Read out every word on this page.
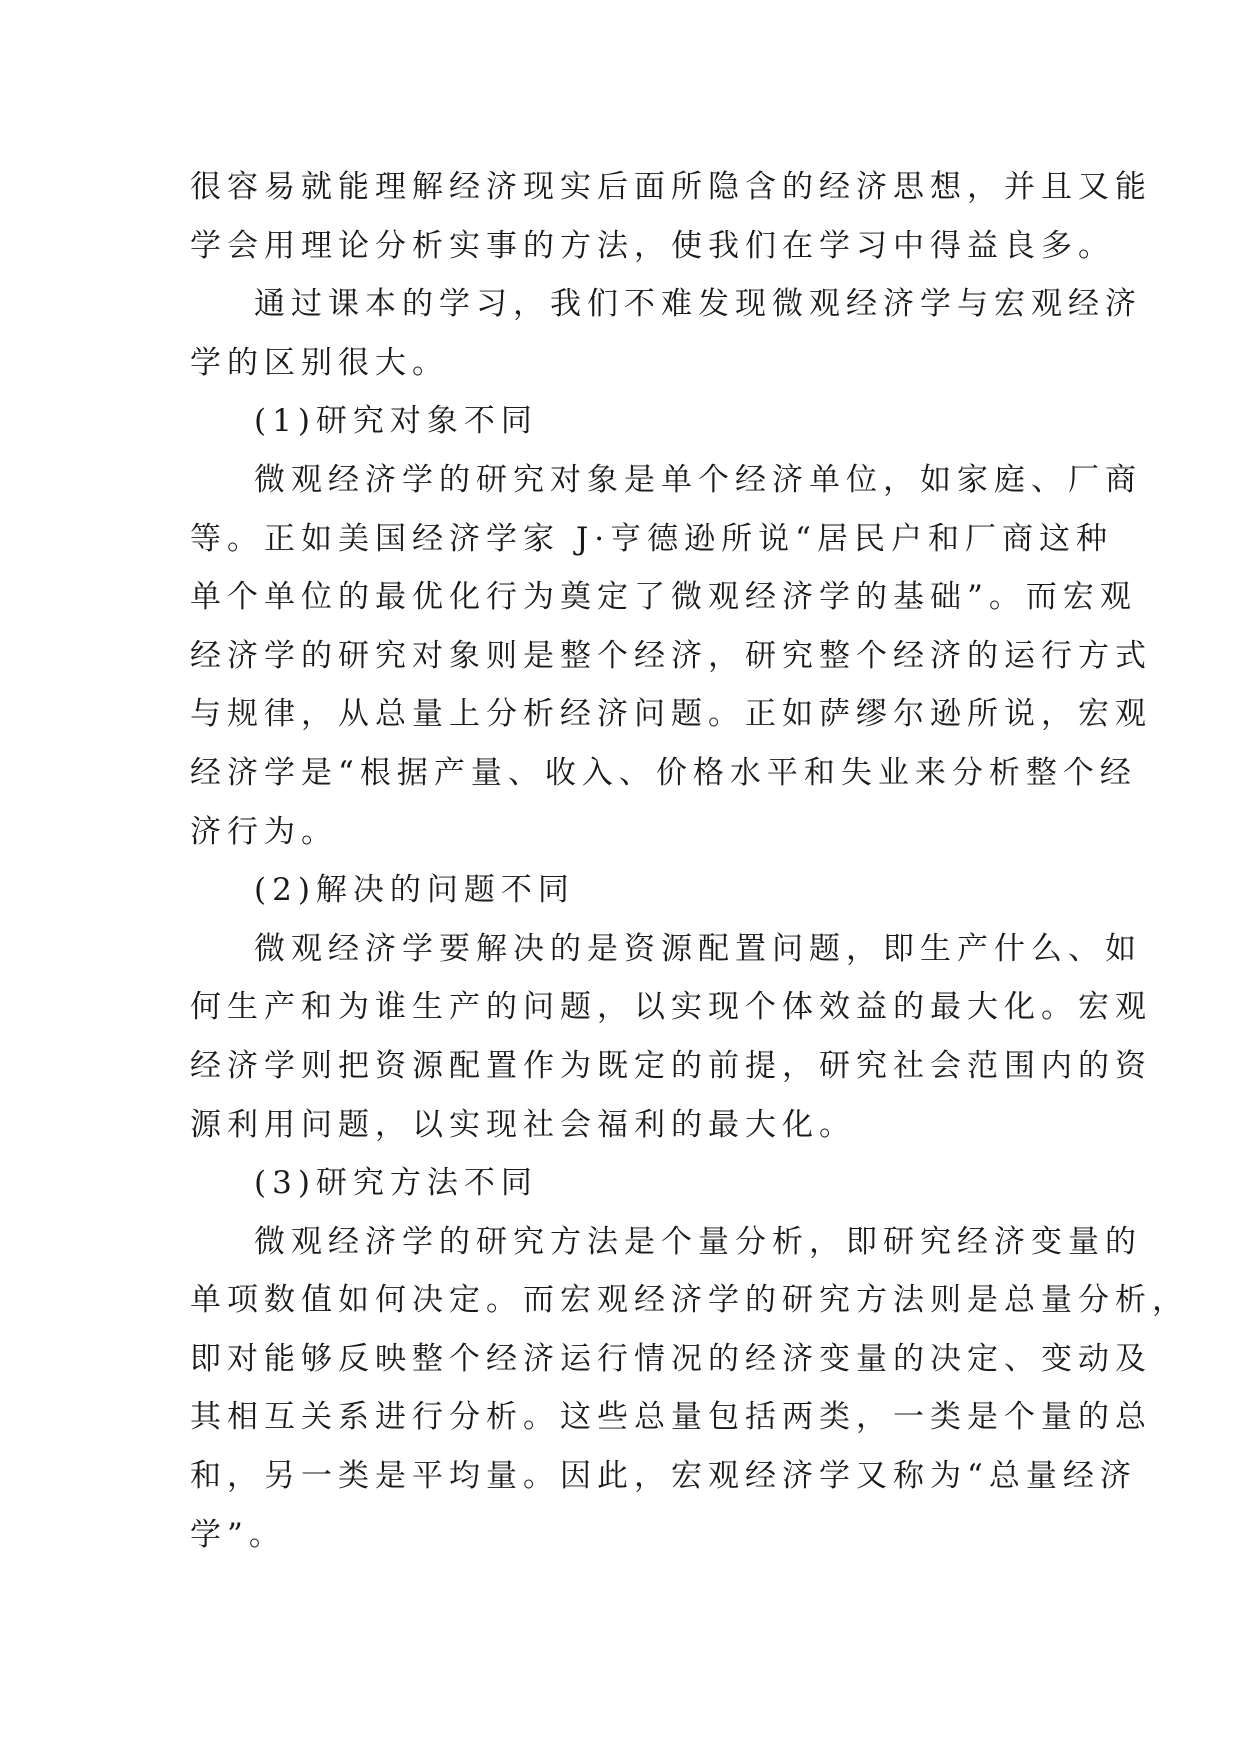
很容易就能理解经济现实后面所隐含的经济思想，并且又能
学会用理论分析实事的方法，使我们在学习中得益良多。
通过课本的学习，我们不难发现微观经济学与宏观经济
学的区别很大。
(1)研究对象不同
微观经济学的研究对象是单个经济单位，如家庭、厂商
等。正如美国经济学家 J·亨德逊所说“居民户和厂商这种
单个单位的最优化行为奠定了微观经济学的基础”。而宏观
经济学的研究对象则是整个经济，研究整个经济的运行方式
与规律，从总量上分析经济问题。正如萨缪尔逊所说，宏观
经济学是“根据产量、收入、价格水平和失业来分析整个经
济行为。
(2)解决的问题不同
微观经济学要解决的是资源配置问题，即生产什么、如
何生产和为谁生产的问题，以实现个体效益的最大化。宏观
经济学则把资源配置作为既定的前提，研究社会范围内的资
源利用问题，以实现社会福利的最大化。
(3)研究方法不同
微观经济学的研究方法是个量分析，即研究经济变量的
单项数值如何决定。而宏观经济学的研究方法则是总量分析，
即对能够反映整个经济运行情况的经济变量的决定、变动及
其相互关系进行分析。这些总量包括两类，一类是个量的总
和，另一类是平均量。因此，宏观经济学又称为“总量经济
学”。
